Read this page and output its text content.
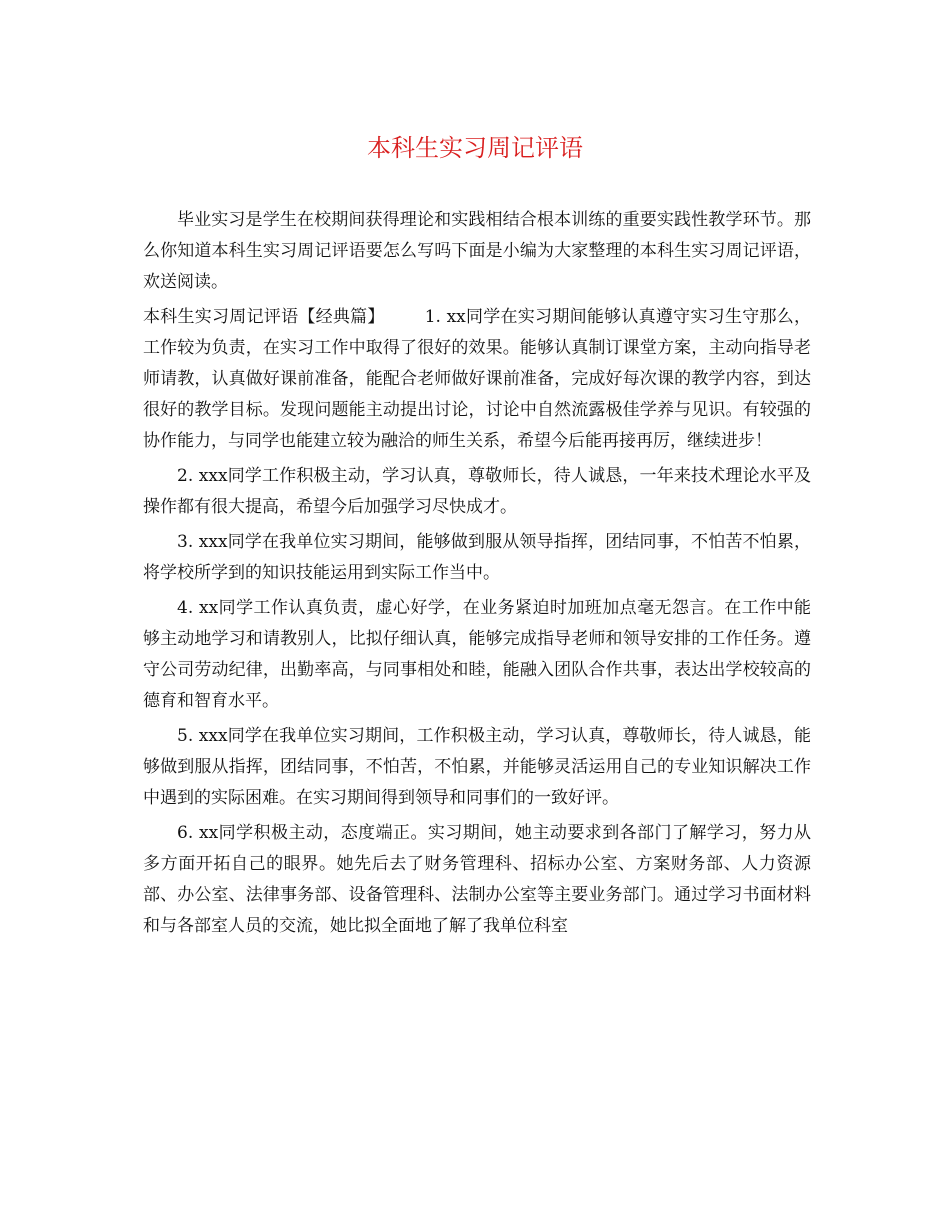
本科生实习周记评语

毕业实习是学生在校期间获得理论和实践相结合根本训练的重要实践性教学环节。那么你知道本科生实习周记评语要怎么写吗下面是小编为大家整理的本科生实习周记评语，欢送阅读。

本科生实习周记评语【经典篇】 1. xx同学在实习期间能够认真遵守实习生守那么，工作较为负责，在实习工作中取得了很好的效果。能够认真制订课堂方案，主动向指导老师请教，认真做好课前准备，能配合老师做好课前准备，完成好每次课的教学内容，到达很好的教学目标。发现问题能主动提出讨论，讨论中自然流露极佳学养与见识。有较强的协作能力，与同学也能建立较为融洽的师生关系，希望今后能再接再厉，继续进步！

2. xxx同学工作积极主动，学习认真，尊敬师长，待人诚恳，一年来技术理论水平及操作都有很大提高，希望今后加强学习尽快成才。

3. xxx同学在我单位实习期间，能够做到服从领导指挥，团结同事，不怕苦不怕累，将学校所学到的知识技能运用到实际工作当中。

4. xx同学工作认真负责，虚心好学，在业务紧迫时加班加点毫无怨言。在工作中能够主动地学习和请教别人，比拟仔细认真，能够完成指导老师和领导安排的工作任务。遵守公司劳动纪律，出勤率高，与同事相处和睦，能融入团队合作共事，表达出学校较高的德育和智育水平。

5. xxx同学在我单位实习期间，工作积极主动，学习认真，尊敬师长，待人诚恳，能够做到服从指挥，团结同事，不怕苦，不怕累，并能够灵活运用自己的专业知识解决工作中遇到的实际困难。在实习期间得到领导和同事们的一致好评。

6. xx同学积极主动，态度端正。实习期间，她主动要求到各部门了解学习，努力从多方面开拓自己的眼界。她先后去了财务管理科、招标办公室、方案财务部、人力资源部、办公室、法律事务部、设备管理科、法制办公室等主要业务部门。通过学习书面材料和与各部室人员的交流，她比拟全面地了解了我单位科室
